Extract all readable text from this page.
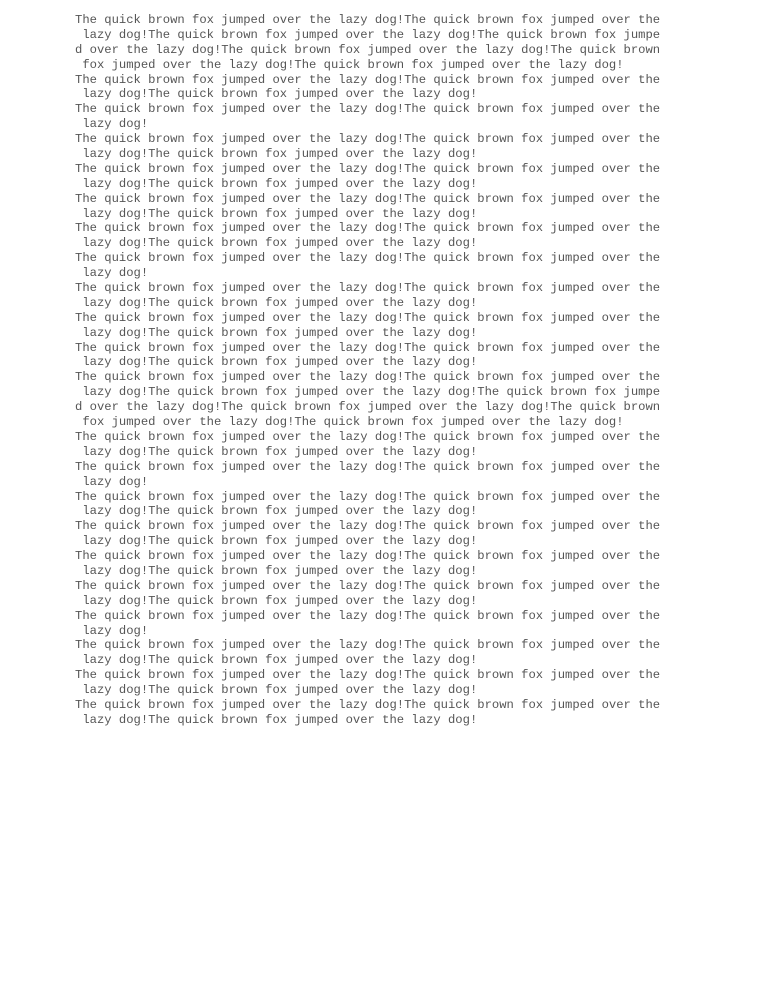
The quick brown fox jumped over the lazy dog!The quick brown fox jumped over the
lazy dog!The quick brown fox jumped over the lazy dog!The quick brown fox jumpe
d over the lazy dog!The quick brown fox jumped over the lazy dog!The quick brown
fox jumped over the lazy dog!The quick brown fox jumped over the lazy dog!
The quick brown fox jumped over the lazy dog!The quick brown fox jumped over the
lazy dog!The quick brown fox jumped over the lazy dog!
The quick brown fox jumped over the lazy dog!The quick brown fox jumped over the
lazy dog!
The quick brown fox jumped over the lazy dog!The quick brown fox jumped over the
lazy dog!The quick brown fox jumped over the lazy dog!
The quick brown fox jumped over the lazy dog!The quick brown fox jumped over the
lazy dog!The quick brown fox jumped over the lazy dog!
The quick brown fox jumped over the lazy dog!The quick brown fox jumped over the
lazy dog!The quick brown fox jumped over the lazy dog!
The quick brown fox jumped over the lazy dog!The quick brown fox jumped over the
lazy dog!The quick brown fox jumped over the lazy dog!
The quick brown fox jumped over the lazy dog!The quick brown fox jumped over the
lazy dog!
The quick brown fox jumped over the lazy dog!The quick brown fox jumped over the
lazy dog!The quick brown fox jumped over the lazy dog!
The quick brown fox jumped over the lazy dog!The quick brown fox jumped over the
lazy dog!The quick brown fox jumped over the lazy dog!
The quick brown fox jumped over the lazy dog!The quick brown fox jumped over the
lazy dog!The quick brown fox jumped over the lazy dog!
The quick brown fox jumped over the lazy dog!The quick brown fox jumped over the
lazy dog!The quick brown fox jumped over the lazy dog!The quick brown fox jumpe
d over the lazy dog!The quick brown fox jumped over the lazy dog!The quick brown
fox jumped over the lazy dog!The quick brown fox jumped over the lazy dog!
The quick brown fox jumped over the lazy dog!The quick brown fox jumped over the
lazy dog!The quick brown fox jumped over the lazy dog!
The quick brown fox jumped over the lazy dog!The quick brown fox jumped over the
lazy dog!
The quick brown fox jumped over the lazy dog!The quick brown fox jumped over the
lazy dog!The quick brown fox jumped over the lazy dog!
The quick brown fox jumped over the lazy dog!The quick brown fox jumped over the
lazy dog!The quick brown fox jumped over the lazy dog!
The quick brown fox jumped over the lazy dog!The quick brown fox jumped over the
lazy dog!The quick brown fox jumped over the lazy dog!
The quick brown fox jumped over the lazy dog!The quick brown fox jumped over the
lazy dog!The quick brown fox jumped over the lazy dog!
The quick brown fox jumped over the lazy dog!The quick brown fox jumped over the
lazy dog!
The quick brown fox jumped over the lazy dog!The quick brown fox jumped over the
lazy dog!The quick brown fox jumped over the lazy dog!
The quick brown fox jumped over the lazy dog!The quick brown fox jumped over the
lazy dog!The quick brown fox jumped over the lazy dog!
The quick brown fox jumped over the lazy dog!The quick brown fox jumped over the
lazy dog!The quick brown fox jumped over the lazy dog!
